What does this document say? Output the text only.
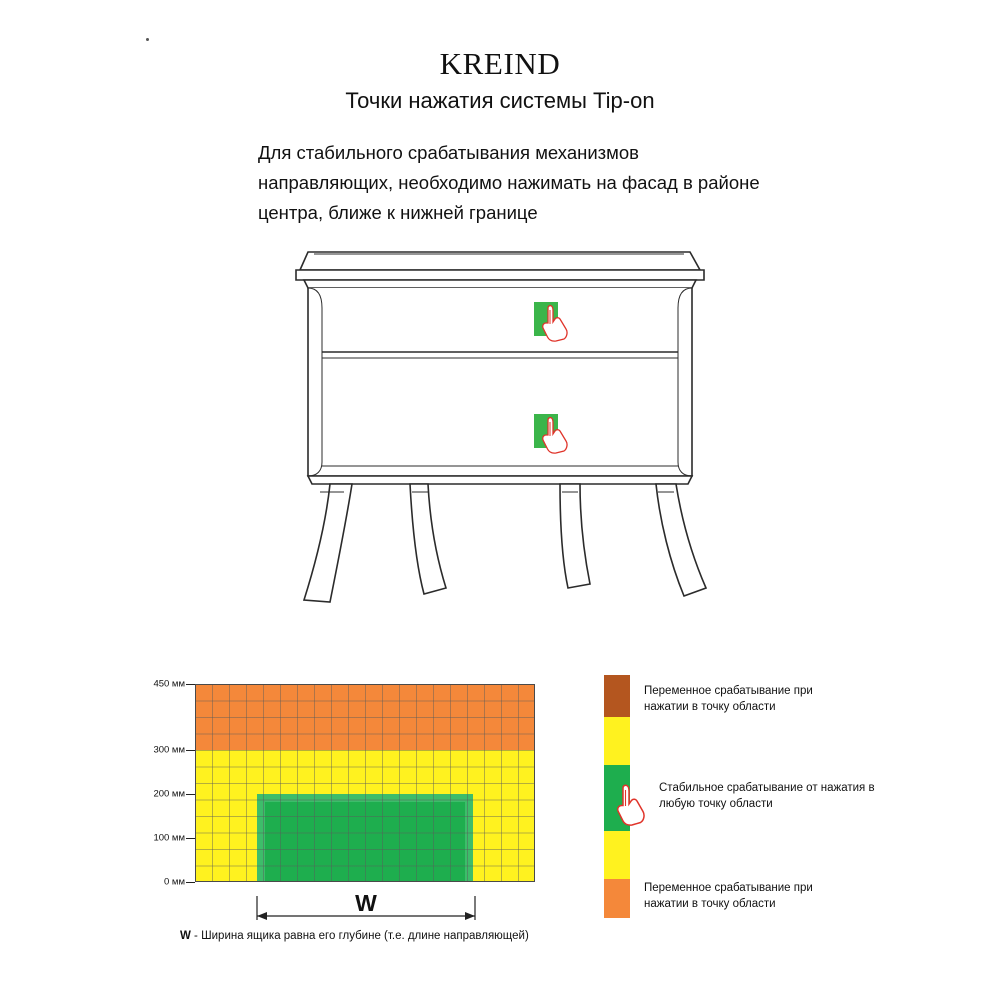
KREIND
Точки нажатия системы Tip-on
Для стабильного срабатывания механизмов направляющих, необходимо нажимать на фасад в районе центра, ближе к нижней границе
450 мм
300 мм
200 мм
100 мм
0 мм
W
W - Ширина ящика равна его глубине (т.е. длине направляющей)
Переменное срабатывание при нажатии в точку области
Стабильное срабатывание от нажатия в любую точку области
Переменное срабатывание при нажатии в точку области
